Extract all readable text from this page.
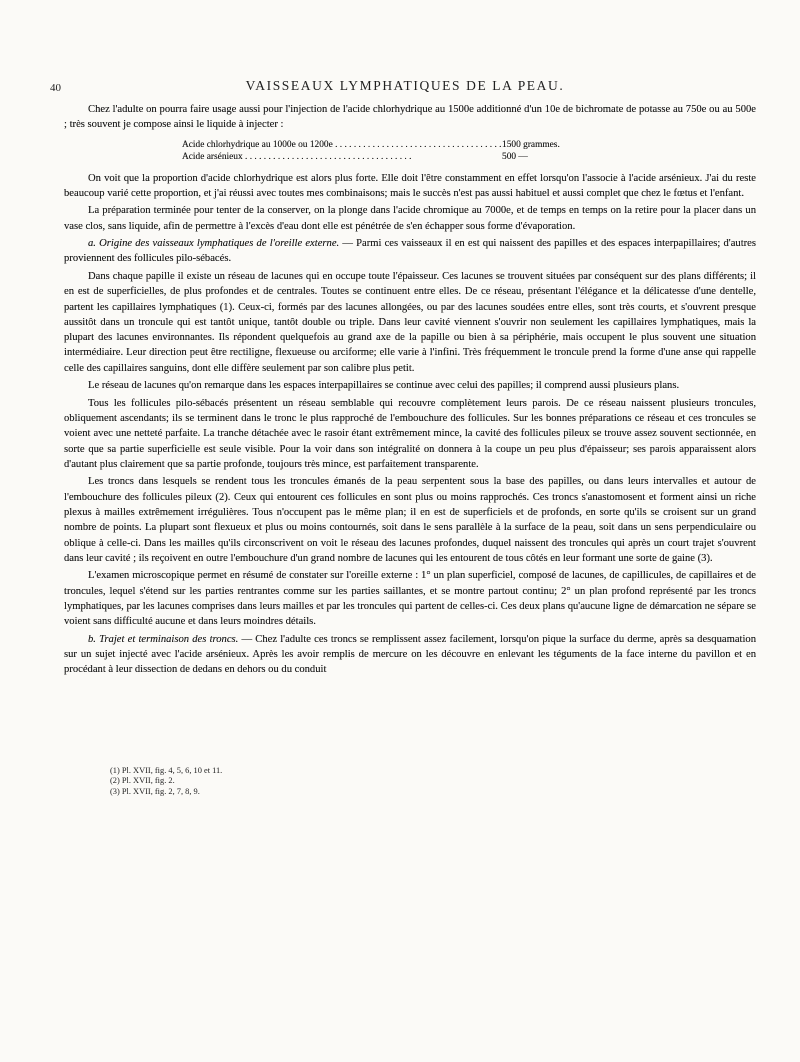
40	VAISSEAUX LYMPHATIQUES DE LA PEAU.

Chez l'adulte on pourra faire usage aussi pour l'injection de l'acide chlorhydrique au 1500e additionné d'un 10e de bichromate de potasse au 750e ou au 500e ; très souvent je compose ainsi le liquide à injecter :

Acide chlorhydrique au 1000e ou 1200e . . .	1500 grammes.
Acide arsénieux . . .	500 —

On voit que la proportion d'acide chlorhydrique est alors plus forte. Elle doit l'être constamment en effet lorsqu'on l'associe à l'acide arsénieux. J'ai du reste beaucoup varié cette proportion, et j'ai réussi avec toutes mes combinaisons; mais le succès n'est pas aussi habituel et aussi complet que chez le fœtus et l'enfant.

La préparation terminée pour tenter de la conserver, on la plonge dans l'acide chromique au 7000e, et de temps en temps on la retire pour la placer dans un vase clos, sans liquide, afin de permettre à l'excès d'eau dont elle est pénétrée de s'en échapper sous forme d'évaporation.

a. Origine des vaisseaux lymphatiques de l'oreille externe. — Parmi ces vaisseaux il en est qui naissent des papilles et des espaces interpapillaires; d'autres proviennent des follicules pilo-sébacés.

Dans chaque papille il existe un réseau de lacunes qui en occupe toute l'épaisseur. Ces lacunes se trouvent situées par conséquent sur des plans différents; il en est de superficielles, de plus profondes et de centrales. Toutes se continuent entre elles. De ce réseau, présentant l'élégance et la délicatesse d'une dentelle, partent les capillaires lymphatiques (1). Ceux-ci, formés par des lacunes allongées, ou par des lacunes soudées entre elles, sont très courts, et s'ouvrent presque aussitôt dans un troncule qui est tantôt unique, tantôt double ou triple. Dans leur cavité viennent s'ouvrir non seulement les capillaires lymphatiques, mais la plupart des lacunes environnantes. Ils répondent quelquefois au grand axe de la papille ou bien à sa périphérie, mais occupent le plus souvent une situation intermédiaire. Leur direction peut être rectiligne, flexueuse ou arciforme; elle varie à l'infini. Très fréquemment le troncule prend la forme d'une anse qui rappelle celle des capillaires sanguins, dont elle diffère seulement par son calibre plus petit.

Le réseau de lacunes qu'on remarque dans les espaces interpapillaires se continue avec celui des papilles; il comprend aussi plusieurs plans.

Tous les follicules pilo-sébacés présentent un réseau semblable qui recouvre complètement leurs parois. De ce réseau naissent plusieurs troncules, obliquement ascendants; ils se terminent dans le tronc le plus rapproché de l'embouchure des follicules. Sur les bonnes préparations ce réseau et ces troncules se voient avec une netteté parfaite. La tranche détachée avec le rasoir étant extrêmement mince, la cavité des follicules pileux se trouve assez souvent sectionnée, en sorte que sa partie superficielle est seule visible. Pour la voir dans son intégralité on donnera à la coupe un peu plus d'épaisseur; ses parois apparaissent alors d'autant plus clairement que sa partie profonde, toujours très mince, est parfaitement transparente.

Les troncs dans lesquels se rendent tous les troncules émanés de la peau serpentent sous la base des papilles, ou dans leurs intervalles et autour de l'embouchure des follicules pileux (2). Ceux qui entourent ces follicules en sont plus ou moins rapprochés. Ces troncs s'anastomosent et forment ainsi un riche plexus à mailles extrêmement irrégulières. Tous n'occupent pas le même plan; il en est de superficiels et de profonds, en sorte qu'ils se croisent sur un grand nombre de points. La plupart sont flexueux et plus ou moins contournés, soit dans le sens parallèle à la surface de la peau, soit dans un sens perpendiculaire ou oblique à celle-ci. Dans les mailles qu'ils circonscrivent on voit le réseau des lacunes profondes, duquel naissent des troncules qui après un court trajet s'ouvrent dans leur cavité ; ils reçoivent en outre l'embouchure d'un grand nombre de lacunes qui les entourent de tous côtés en leur formant une sorte de gaine (3).

L'examen microscopique permet en résumé de constater sur l'oreille externe : 1° un plan superficiel, composé de lacunes, de capillicules, de capillaires et de troncules, lequel s'étend sur les parties rentrantes comme sur les parties saillantes, et se montre partout continu; 2° un plan profond représenté par les troncs lymphatiques, par les lacunes comprises dans leurs mailles et par les troncules qui partent de celles-ci. Ces deux plans qu'aucune ligne de démarcation ne sépare se voient sans difficulté aucune et dans leurs moindres détails.

b. Trajet et terminaison des troncs. — Chez l'adulte ces troncs se remplissent assez facilement, lorsqu'on pique la surface du derme, après sa desquamation sur un sujet injecté avec l'acide arsénieux. Après les avoir remplis de mercure on les découvre en enlevant les téguments de la face interne du pavillon et en procédant à leur dissection de dedans en dehors ou du conduit

(1) Pl. XVII, fig. 4, 5, 6, 10 et 11.
(2) Pl. XVII, fig. 2.
(3) Pl. XVII, fig. 2, 7, 8, 9.
